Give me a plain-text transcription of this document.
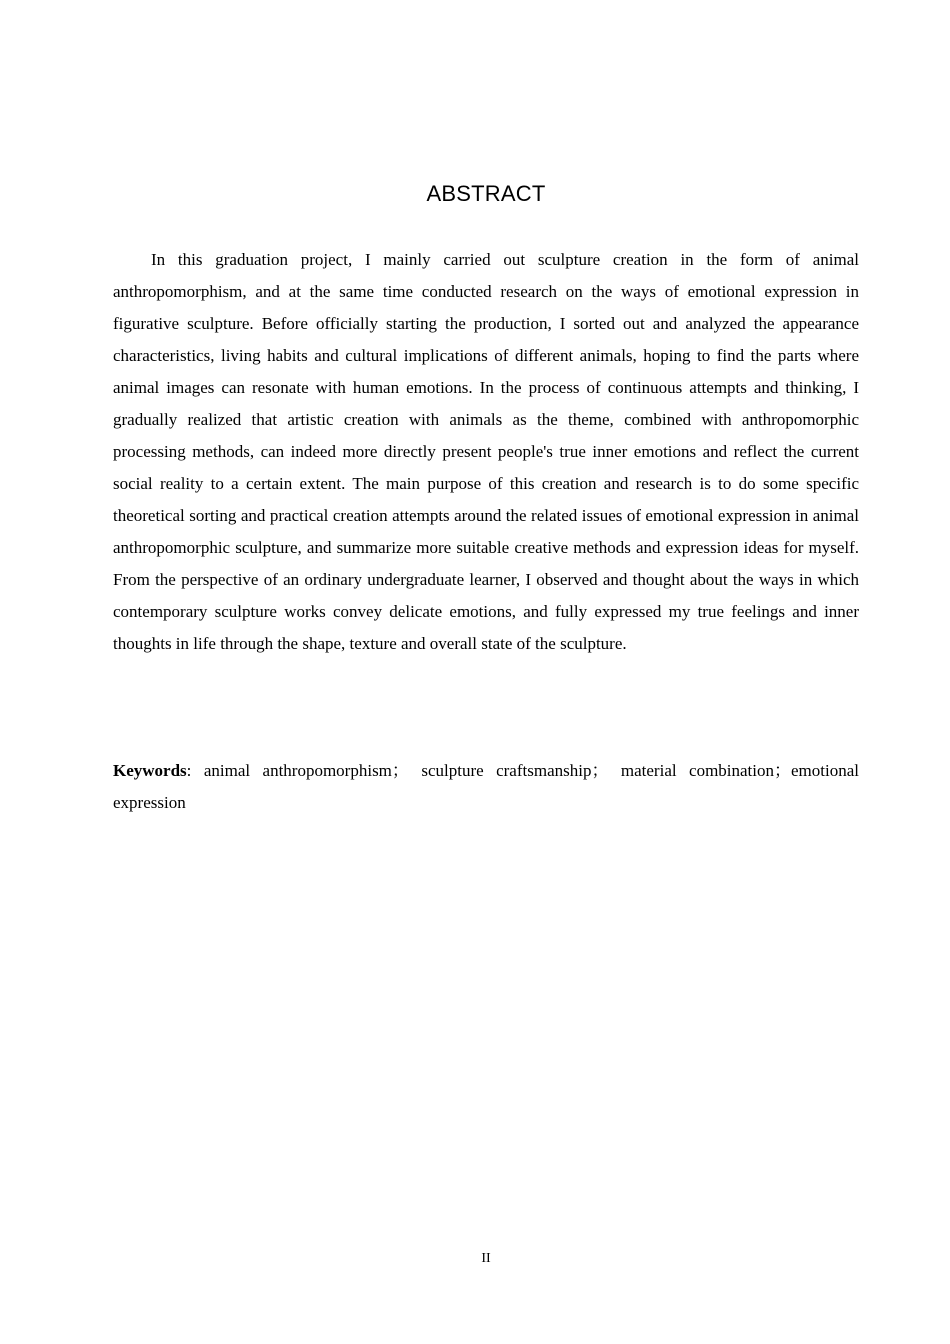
ABSTRACT

In this graduation project, I mainly carried out sculpture creation in the form of animal anthropomorphism, and at the same time conducted research on the ways of emotional expression in figurative sculpture. Before officially starting the production, I sorted out and analyzed the appearance characteristics, living habits and cultural implications of different animals, hoping to find the parts where animal images can resonate with human emotions. In the process of continuous attempts and thinking, I gradually realized that artistic creation with animals as the theme, combined with anthropomorphic processing methods, can indeed more directly present people's true inner emotions and reflect the current social reality to a certain extent. The main purpose of this creation and research is to do some specific theoretical sorting and practical creation attempts around the related issues of emotional expression in animal anthropomorphic sculpture, and summarize more suitable creative methods and expression ideas for myself. From the perspective of an ordinary undergraduate learner, I observed and thought about the ways in which contemporary sculpture works convey delicate emotions, and fully expressed my true feelings and inner thoughts in life through the shape, texture and overall state of the sculpture.

Keywords: animal anthropomorphism； sculpture craftsmanship； material combination；emotional expression

II
